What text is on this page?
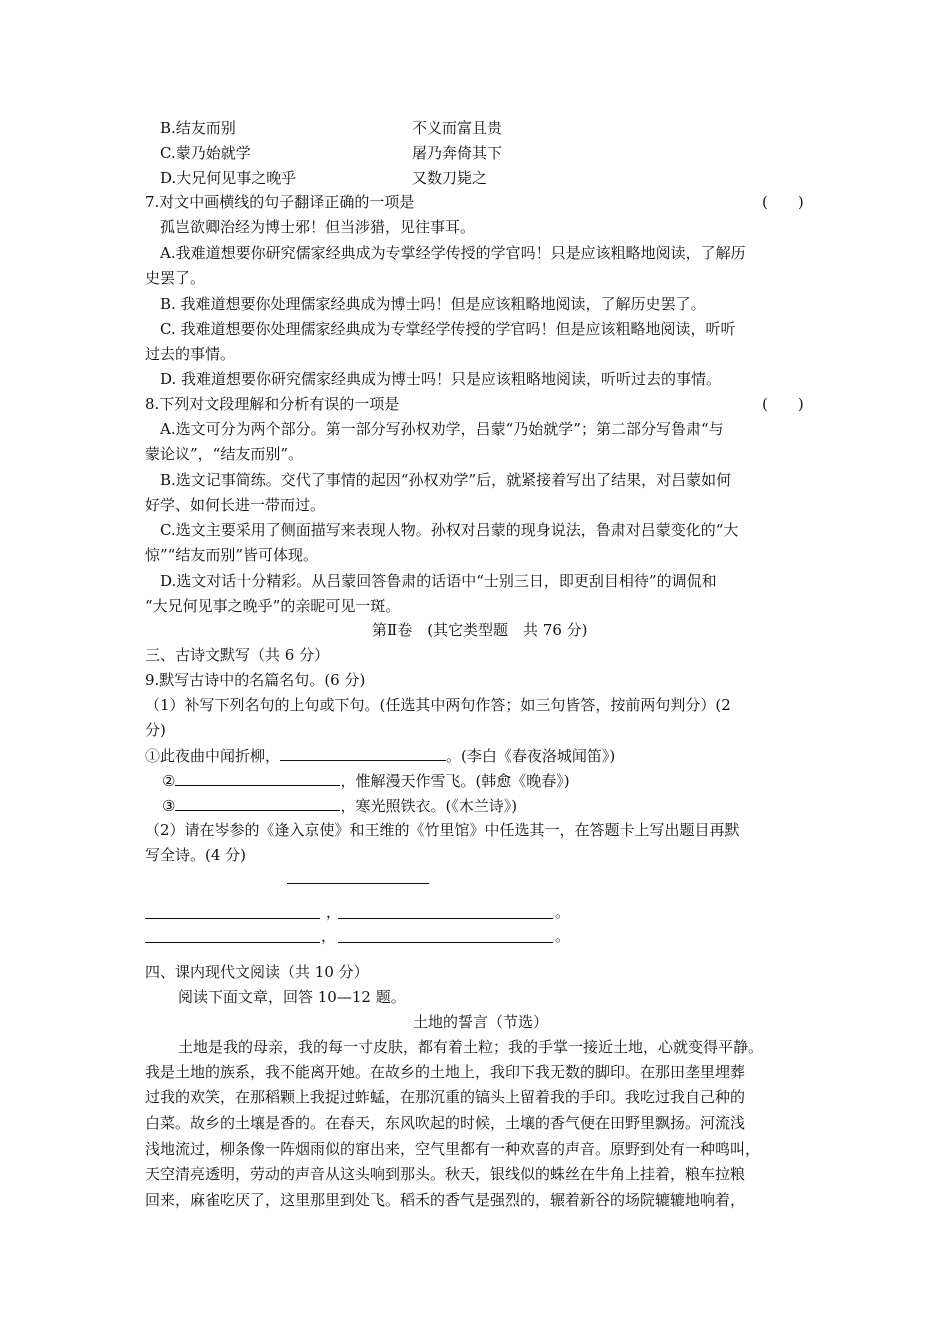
B.结友而别	不义而富且贵
C.蒙乃始就学	屠乃奔倚其下
D.大兄何见事之晚乎	又数刀毙之
7.对文中画横线的句子翻译正确的一项是	(　　)
孤岂欲卿治经为博士邪！但当涉猎，见往事耳。
A.我难道想要你研究儒家经典成为专掌经学传授的学官吗！只是应该粗略地阅读，了解历
史罢了。
B. 我难道想要你处理儒家经典成为博士吗！但是应该粗略地阅读，了解历史罢了。
C. 我难道想要你处理儒家经典成为专掌经学传授的学官吗！但是应该粗略地阅读，听听
过去的事情。
D. 我难道想要你研究儒家经典成为博士吗！只是应该粗略地阅读，听听过去的事情。
8.下列对文段理解和分析有误的一项是	(　　)
A.选文可分为两个部分。第一部分写孙权劝学，吕蒙“乃始就学”；第二部分写鲁肃“与
蒙论议”，“结友而别”。
B.选文记事简练。交代了事情的起因“孙权劝学”后，就紧接着写出了结果，对吕蒙如何
好学、如何长进一带而过。
C.选文主要采用了侧面描写来表现人物。孙权对吕蒙的现身说法，鲁肃对吕蒙变化的“大
惊”“结友而别”皆可体现。
D.选文对话十分精彩。从吕蒙回答鲁肃的话语中“士别三日，即更刮目相待”的调侃和
“大兄何见事之晚乎”的亲昵可见一斑。
第Ⅱ卷　(其它类型题　共 76 分)
三、古诗文默写（共 6 分）
9.默写古诗中的名篇名句。(6 分)
（1）补写下列名句的上句或下句。(任选其中两句作答；如三句皆答，按前两句判分）(2
分)
①此夜曲中闻折柳，	。(李白《春夜洛城闻笛》)
②	，惟解漫天作雪飞。(韩愈《晚春》)
③	，寒光照铁衣。(《木兰诗》)
（2）请在岑参的《逢入京使》和王维的《竹里馆》中任选其一，在答题卡上写出题目再默
写全诗。(4 分)
，	。
，	。
四、课内现代文阅读（共 10 分）
阅读下面文章，回答 10—12 题。
土地的誓言（节选）
土地是我的母亲，我的每一寸皮肤，都有着土粒；我的手掌一接近土地，心就变得平静。
我是土地的族系，我不能离开她。在故乡的土地上，我印下我无数的脚印。在那田垄里埋葬
过我的欢笑，在那稻颗上我捉过蚱蜢，在那沉重的镐头上留着我的手印。我吃过我自己种的
白菜。故乡的土壤是香的。在春天，东风吹起的时候，土壤的香气便在田野里飘扬。河流浅
浅地流过，柳条像一阵烟雨似的窜出来，空气里都有一种欢喜的声音。原野到处有一种鸣叫，
天空清亮透明，劳动的声音从这头响到那头。秋天，银线似的蛛丝在牛角上挂着，粮车拉粮
回来，麻雀吃厌了，这里那里到处飞。稻禾的香气是强烈的，辗着新谷的场院辘辘地响着，
